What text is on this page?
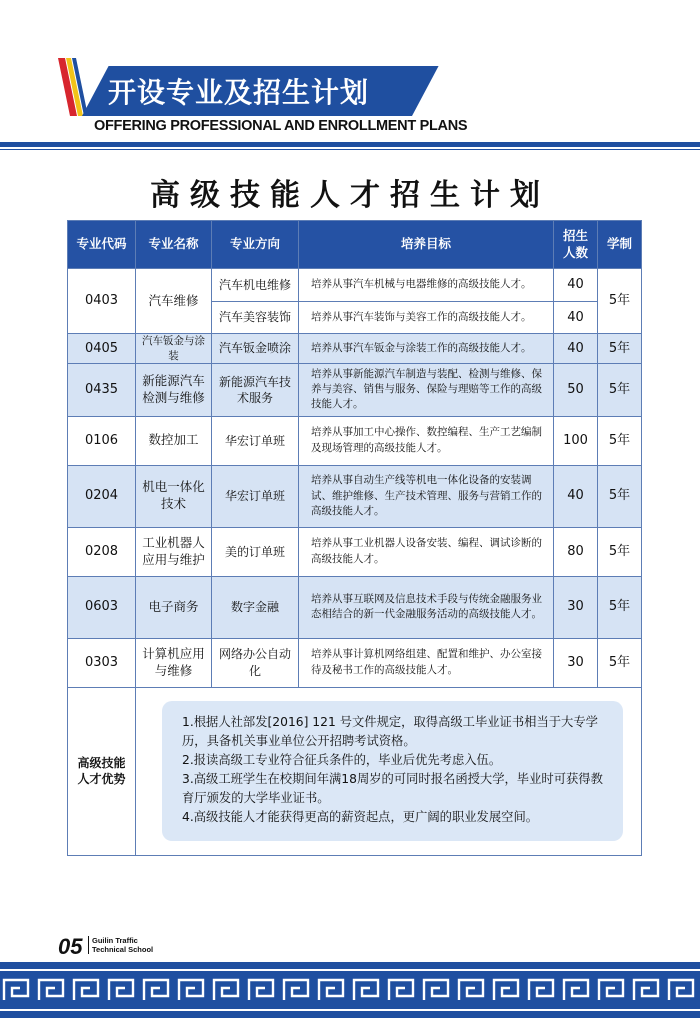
开设专业及招生计划
OFFERING PROFESSIONAL AND ENROLLMENT PLANS
高级技能人才招生计划
专业代码	专业名称	专业方向	培养目标	招生人数	学制
0403	汽车维修	汽车机电维修	培养从事汽车机械与电器维修的高级技能人才。	40	5年
		汽车美容装饰	培养从事汽车装饰与美容工作的高级技能人才。	40	
0405	汽车钣金与涂装	汽车钣金喷涂	培养从事汽车钣金与涂装工作的高级技能人才。	40	5年
0435	新能源汽车检测与维修	新能源汽车技术服务	培养从事新能源汽车制造与装配、检测与维修、保养与美容、销售与服务、保险与理赔等工作的高级技能人才。	50	5年
0106	数控加工	华宏订单班	培养从事加工中心操作、数控编程、生产工艺编制及现场管理的高级技能人才。	100	5年
0204	机电一体化技术	华宏订单班	培养从事自动生产线等机电一体化设备的安装调试、维护维修、生产技术管理、服务与营销工作的高级技能人才。	40	5年
0208	工业机器人应用与维护	美的订单班	培养从事工业机器人设备安装、编程、调试诊断的高级技能人才。	80	5年
0603	电子商务	数字金融	培养从事互联网及信息技术手段与传统金融服务业态相结合的新一代金融服务活动的高级技能人才。	30	5年
0303	计算机应用与维修	网络办公自动化	培养从事计算机网络组建、配置和维护、办公室接待及秘书工作的高级技能人才。	30	5年
高级技能人才优势	1.根据人社部发[2016] 121 号文件规定，取得高级工毕业证书相当于大专学历，具备机关事业单位公开招聘考试资格。
2.报读高级工专业符合征兵条件的，毕业后优先考虑入伍。
3.高级工班学生在校期间年满18周岁的可同时报名函授大学，毕业时可获得教育厅颁发的大学毕业证书。
4.高级技能人才能获得更高的薪资起点，更广阔的职业发展空间。				
05 Guilin Traffic
Technical School
